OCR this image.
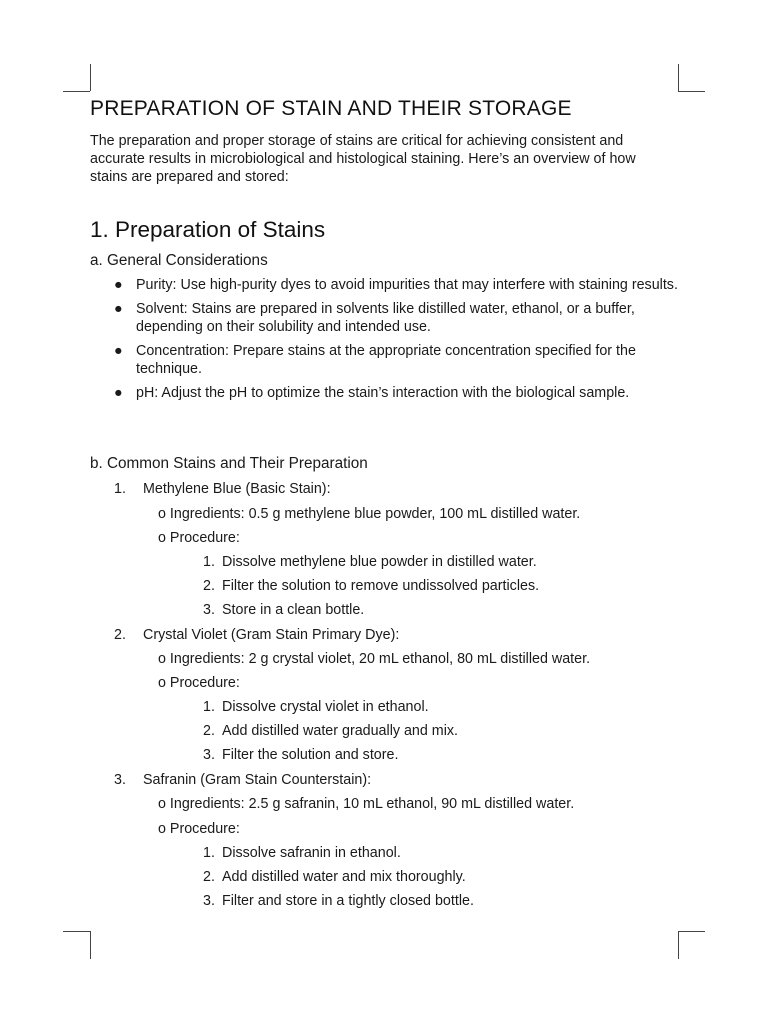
PREPARATION OF STAIN AND THEIR STORAGE
The preparation and proper storage of stains are critical for achieving consistent and accurate results in microbiological and histological staining. Here’s an overview of how stains are prepared and stored:
1. Preparation of Stains
a. General Considerations
● Purity: Use high-purity dyes to avoid impurities that may interfere with staining results.
● Solvent: Stains are prepared in solvents like distilled water, ethanol, or a buffer, depending on their solubility and intended use.
● Concentration: Prepare stains at the appropriate concentration specified for the technique.
● pH: Adjust the pH to optimize the stain’s interaction with the biological sample.
b. Common Stains and Their Preparation
1. Methylene Blue (Basic Stain):
o Ingredients: 0.5 g methylene blue powder, 100 mL distilled water.
o Procedure:
1. Dissolve methylene blue powder in distilled water.
2. Filter the solution to remove undissolved particles.
3. Store in a clean bottle.
2. Crystal Violet (Gram Stain Primary Dye):
o Ingredients: 2 g crystal violet, 20 mL ethanol, 80 mL distilled water.
o Procedure:
1. Dissolve crystal violet in ethanol.
2. Add distilled water gradually and mix.
3. Filter the solution and store.
3. Safranin (Gram Stain Counterstain):
o Ingredients: 2.5 g safranin, 10 mL ethanol, 90 mL distilled water.
o Procedure:
1. Dissolve safranin in ethanol.
2. Add distilled water and mix thoroughly.
3. Filter and store in a tightly closed bottle.
